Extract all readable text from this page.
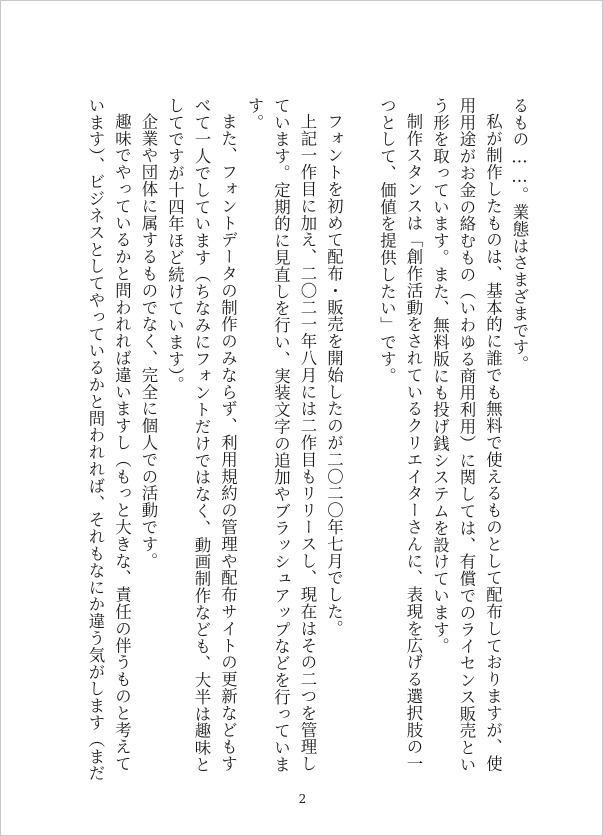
るもの……。業態はさまざまです。

私が制作したものは、基本的に誰でも無料で使えるものとして配布しておりますが、使用用途がお金の絡むもの（いわゆる商用利用）に関しては、有償でのライセンス販売という形を取っています。また、無料版にも投げ銭システムを設けています。

制作スタンスは「創作活動をされているクリエイターさんに、表現を広げる選択肢の一つとして、価値を提供したい」です。

フォントを初めて配布・販売を開始したのが二〇二〇年七月でした。

上記一作目に加え、二〇二一年八月には二作目もリリースし、現在はその二つを管理しています。定期的に見直しを行い、実装文字の追加やブラッシュアップなどを行っています。

また、フォントデータの制作のみならず、利用規約の管理や配布サイトの更新などもすべて一人でしています（ちなみにフォントだけではなく、動画制作なども、大半は趣味としてですが十四年ほど続けています）。

企業や団体に属するものでなく、完全に個人での活動です。

趣味でやっているかと問われれば違いますし（もっと大きな、責任の伴うものと考えています）、ビジネスとしてやっているかと問われれば、それもなにか違う気がします（まだ

2
